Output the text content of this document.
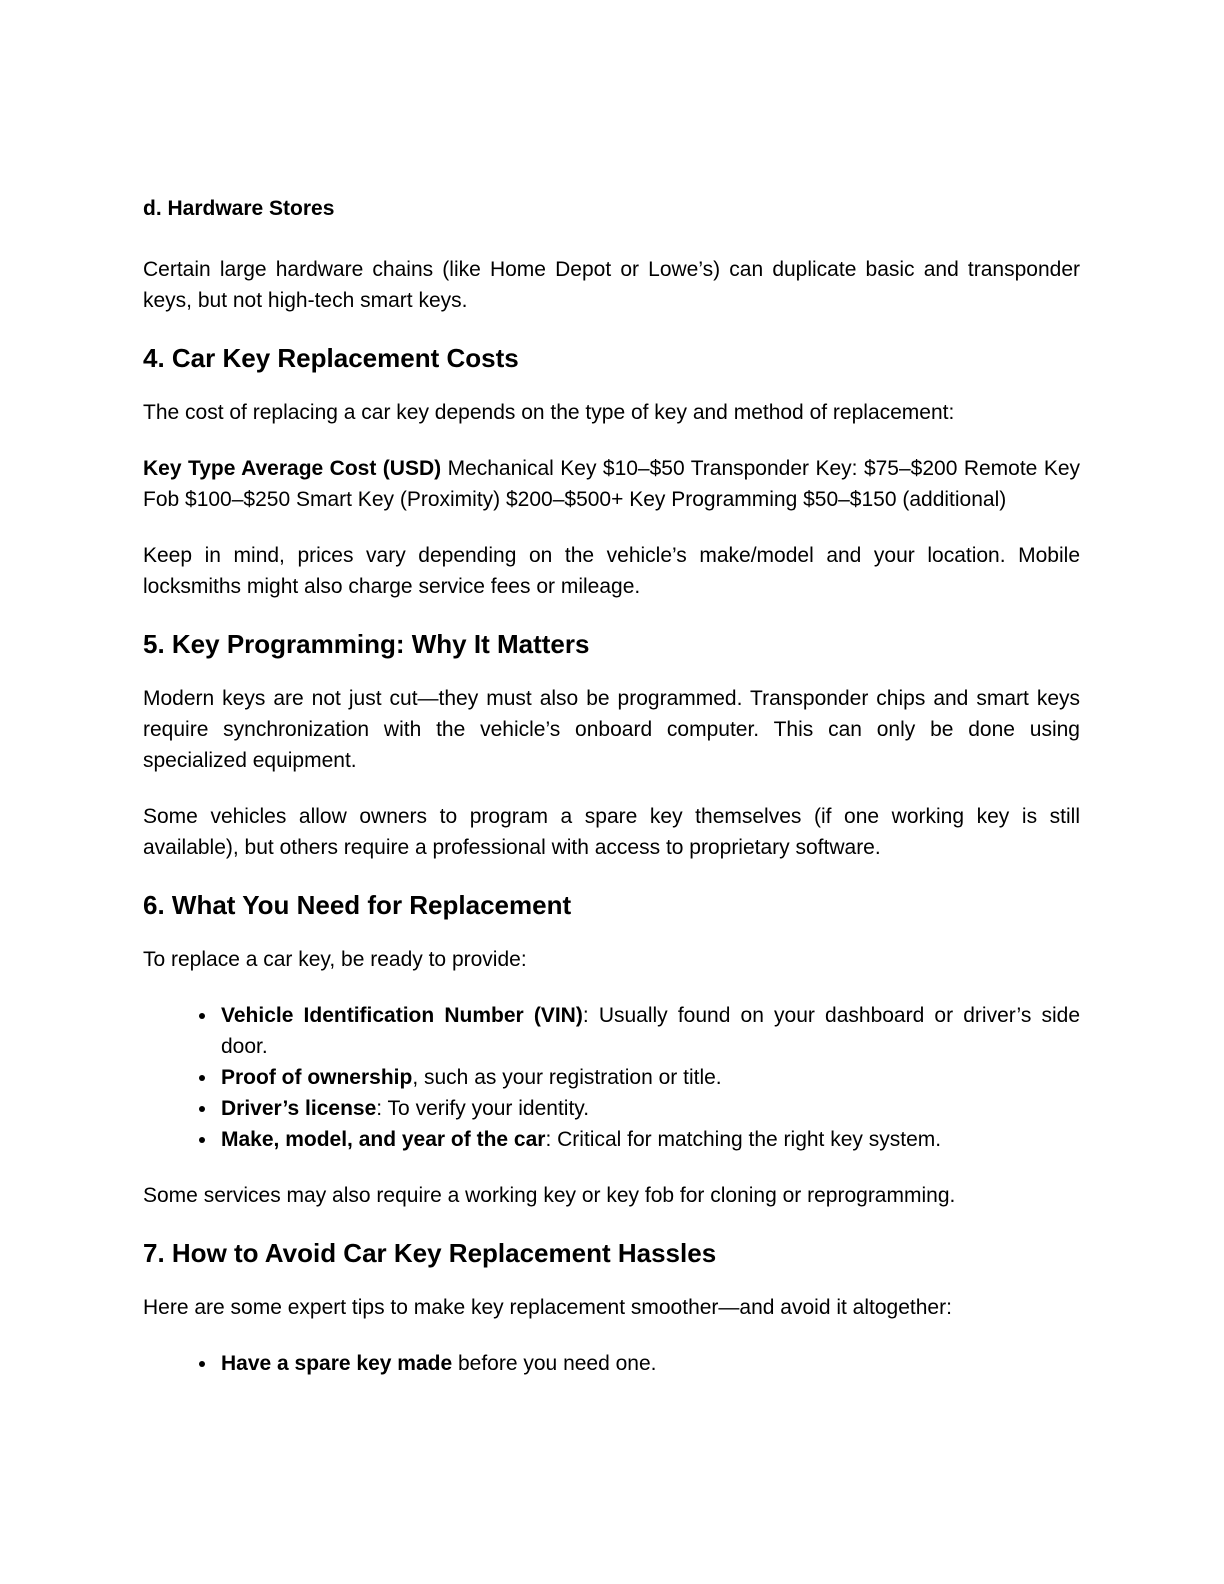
d. Hardware Stores

Certain large hardware chains (like Home Depot or Lowe’s) can duplicate basic and transponder keys, but not high-tech smart keys.

4. Car Key Replacement Costs

The cost of replacing a car key depends on the type of key and method of replacement:

Key Type Average Cost (USD) Mechanical Key $10–$50 Transponder Key: $75–$200 Remote Key Fob $100–$250 Smart Key (Proximity) $200–$500+ Key Programming $50–$150 (additional)

Keep in mind, prices vary depending on the vehicle’s make/model and your location. Mobile locksmiths might also charge service fees or mileage.

5. Key Programming: Why It Matters

Modern keys are not just cut—they must also be programmed. Transponder chips and smart keys require synchronization with the vehicle’s onboard computer. This can only be done using specialized equipment.

Some vehicles allow owners to program a spare key themselves (if one working key is still available), but others require a professional with access to proprietary software.

6. What You Need for Replacement

To replace a car key, be ready to provide:

• Vehicle Identification Number (VIN): Usually found on your dashboard or driver’s side door.
• Proof of ownership, such as your registration or title.
• Driver’s license: To verify your identity.
• Make, model, and year of the car: Critical for matching the right key system.

Some services may also require a working key or key fob for cloning or reprogramming.

7. How to Avoid Car Key Replacement Hassles

Here are some expert tips to make key replacement smoother—and avoid it altogether:

• Have a spare key made before you need one.
